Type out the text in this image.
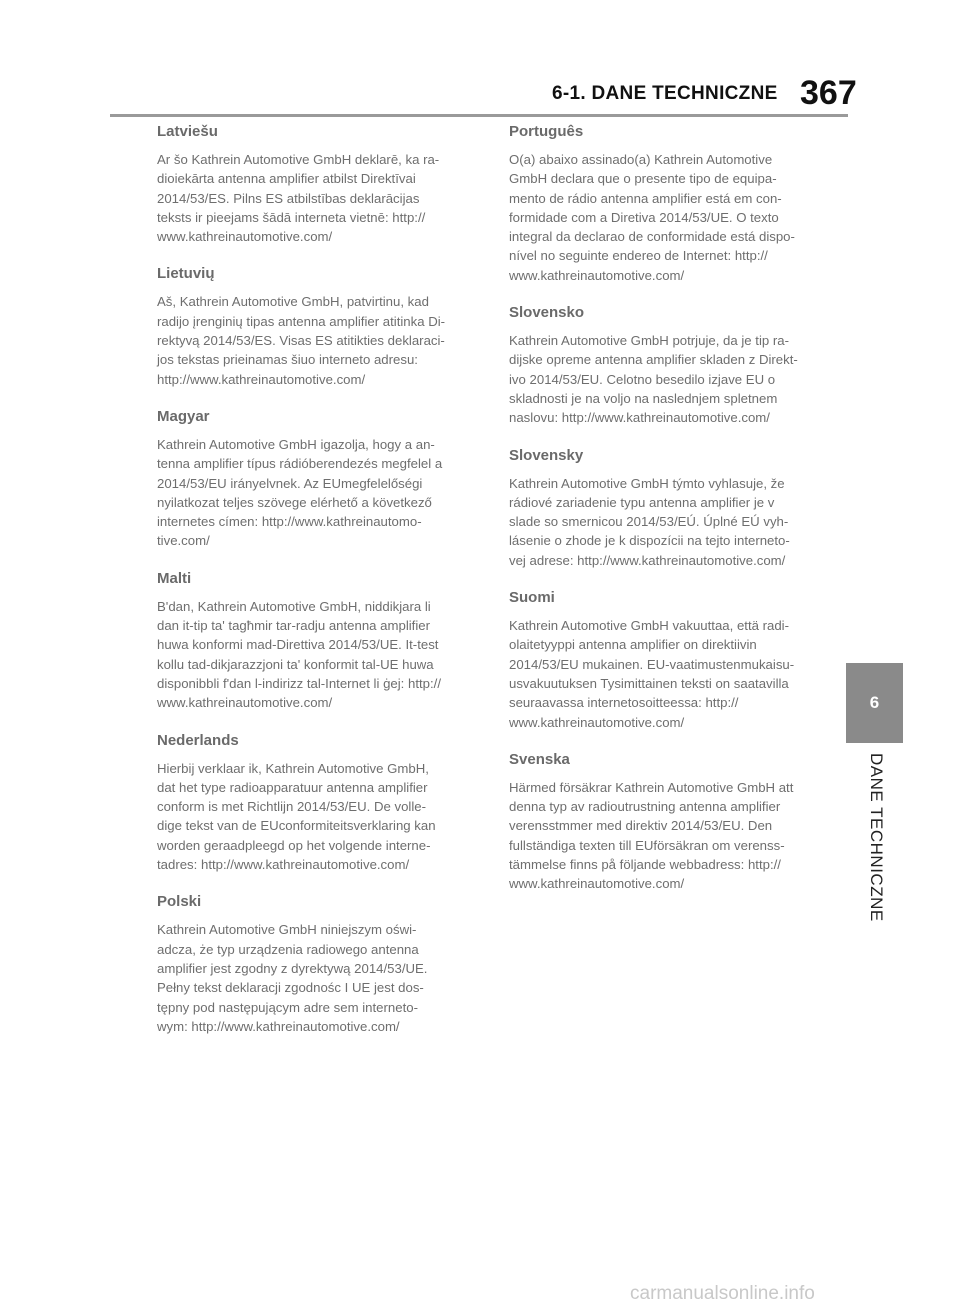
6-1. DANE TECHNICZNE 367
Latviešu

Ar šo Kathrein Automotive GmbH deklarē, ka ra-
dioiekārta antenna amplifier atbilst Direktīvai
2014/53/ES. Pilns ES atbilstības deklarācijas
teksts ir pieejams šādā interneta vietnē: http://
www.kathreinautomotive.com/

Lietuvių

Aš, Kathrein Automotive GmbH, patvirtinu, kad
radijo įrenginių tipas antenna amplifier atitinka Di-
rektyvą 2014/53/ES. Visas ES atitikties deklaraci-
jos tekstas prieinamas šiuo interneto adresu:
http://www.kathreinautomotive.com/

Magyar

Kathrein Automotive GmbH igazolja, hogy a an-
tenna amplifier típus rádióberendezés megfelel a
2014/53/EU irányelvnek. Az EUmegfelelőségi
nyilatkozat teljes szövege elérhető a következő
internetes címen: http://www.kathreinautomo-
tive.com/

Malti

B'dan, Kathrein Automotive GmbH, niddikjara li
dan it-tip ta' tagħmir tar-radju antenna amplifier
huwa konformi mad-Direttiva 2014/53/UE. It-test
kollu tad-dikjarazzjoni ta' konformit tal-UE huwa
disponibbli f'dan l-indirizz tal-Internet li ġej: http://
www.kathreinautomotive.com/

Nederlands

Hierbij verklaar ik, Kathrein Automotive GmbH,
dat het type radioapparatuur antenna amplifier
conform is met Richtlijn 2014/53/EU. De volle-
dige tekst van de EUconformiteitsverklaring kan
worden geraadpleegd op het volgende interne-
tadres: http://www.kathreinautomotive.com/

Polski

Kathrein Automotive GmbH niniejszym oświ-
adcza, że typ urządzenia radiowego antenna
amplifier jest zgodny z dyrektywą 2014/53/UE.
Pełny tekst deklaracji zgodnośc I UE jest dos-
tępny pod następującym adre sem interneto-
wym: http://www.kathreinautomotive.com/

Português

O(a) abaixo assinado(a) Kathrein Automotive
GmbH declara que o presente tipo de equipa-
mento de rádio antenna amplifier está em con-
formidade com a Diretiva 2014/53/UE. O texto
integral da declarao de conformidade está dispo-
nível no seguinte endereo de Internet: http://
www.kathreinautomotive.com/

Slovensko

Kathrein Automotive GmbH potrjuje, da je tip ra-
dijske opreme antenna amplifier skladen z Direkt-
ivo 2014/53/EU. Celotno besedilo izjave EU o
skladnosti je na voljo na naslednjem spletnem
naslovu: http://www.kathreinautomotive.com/

Slovensky

Kathrein Automotive GmbH týmto vyhlasuje, že
rádiové zariadenie typu antenna amplifier je v
slade so smernicou 2014/53/EÚ. Úplné EÚ vyh-
lásenie o zhode je k dispozícii na tejto interneto-
vej adrese: http://www.kathreinautomotive.com/

Suomi

Kathrein Automotive GmbH vakuuttaa, että radi-
olaitetyyppi antenna amplifier on direktiivin
2014/53/EU mukainen. EU-vaatimustenmukaisu-
usvakuutuksen Tysimittainen teksti on saatavilla
seuraavassa internetosoitteessa: http://
www.kathreinautomotive.com/

Svenska

Härmed försäkrar Kathrein Automotive GmbH att
denna typ av radioutrustning antenna amplifier
verensstmmer med direktiv 2014/53/EU. Den
fullständiga texten till EUförsäkran om verenss-
tämmelse finns på följande webbadress: http://
www.kathreinautomotive.com/

6
DANE TECHNICZNE
carmanualsonline.info
